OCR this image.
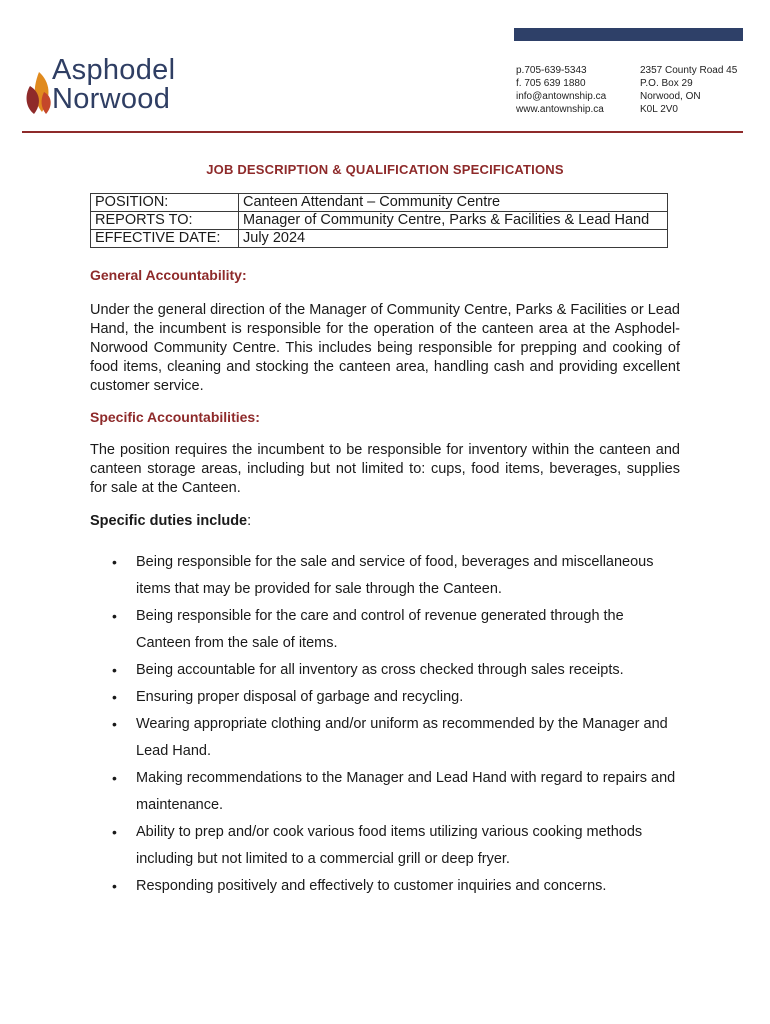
Asphodel
Norwood
p.705-639-5343
f. 705 639 1880
info@antownship.ca
www.antownship.ca
2357 County Road 45
P.O. Box 29
Norwood, ON
K0L 2V0
JOB DESCRIPTION & QUALIFICATION SPECIFICATIONS
POSITION:	Canteen Attendant – Community Centre
REPORTS TO:	Manager of Community Centre, Parks & Facilities & Lead Hand
EFFECTIVE DATE:	July 2024
General Accountability:
Under the general direction of the Manager of Community Centre, Parks & Facilities or Lead Hand, the incumbent is responsible for the operation of the canteen area at the Asphodel-Norwood Community Centre. This includes being responsible for prepping and cooking of food items, cleaning and stocking the canteen area, handling cash and providing excellent customer service.
Specific Accountabilities:
The position requires the incumbent to be responsible for inventory within the canteen and canteen storage areas, including but not limited to: cups, food items, beverages, supplies for sale at the Canteen.
Specific duties include:
• Being responsible for the sale and service of food, beverages and miscellaneous items that may be provided for sale through the Canteen.
• Being responsible for the care and control of revenue generated through the Canteen from the sale of items.
• Being accountable for all inventory as cross checked through sales receipts.
• Ensuring proper disposal of garbage and recycling.
• Wearing appropriate clothing and/or uniform as recommended by the Manager and Lead Hand.
• Making recommendations to the Manager and Lead Hand with regard to repairs and maintenance.
• Ability to prep and/or cook various food items utilizing various cooking methods including but not limited to a commercial grill or deep fryer.
• Responding positively and effectively to customer inquiries and concerns.
